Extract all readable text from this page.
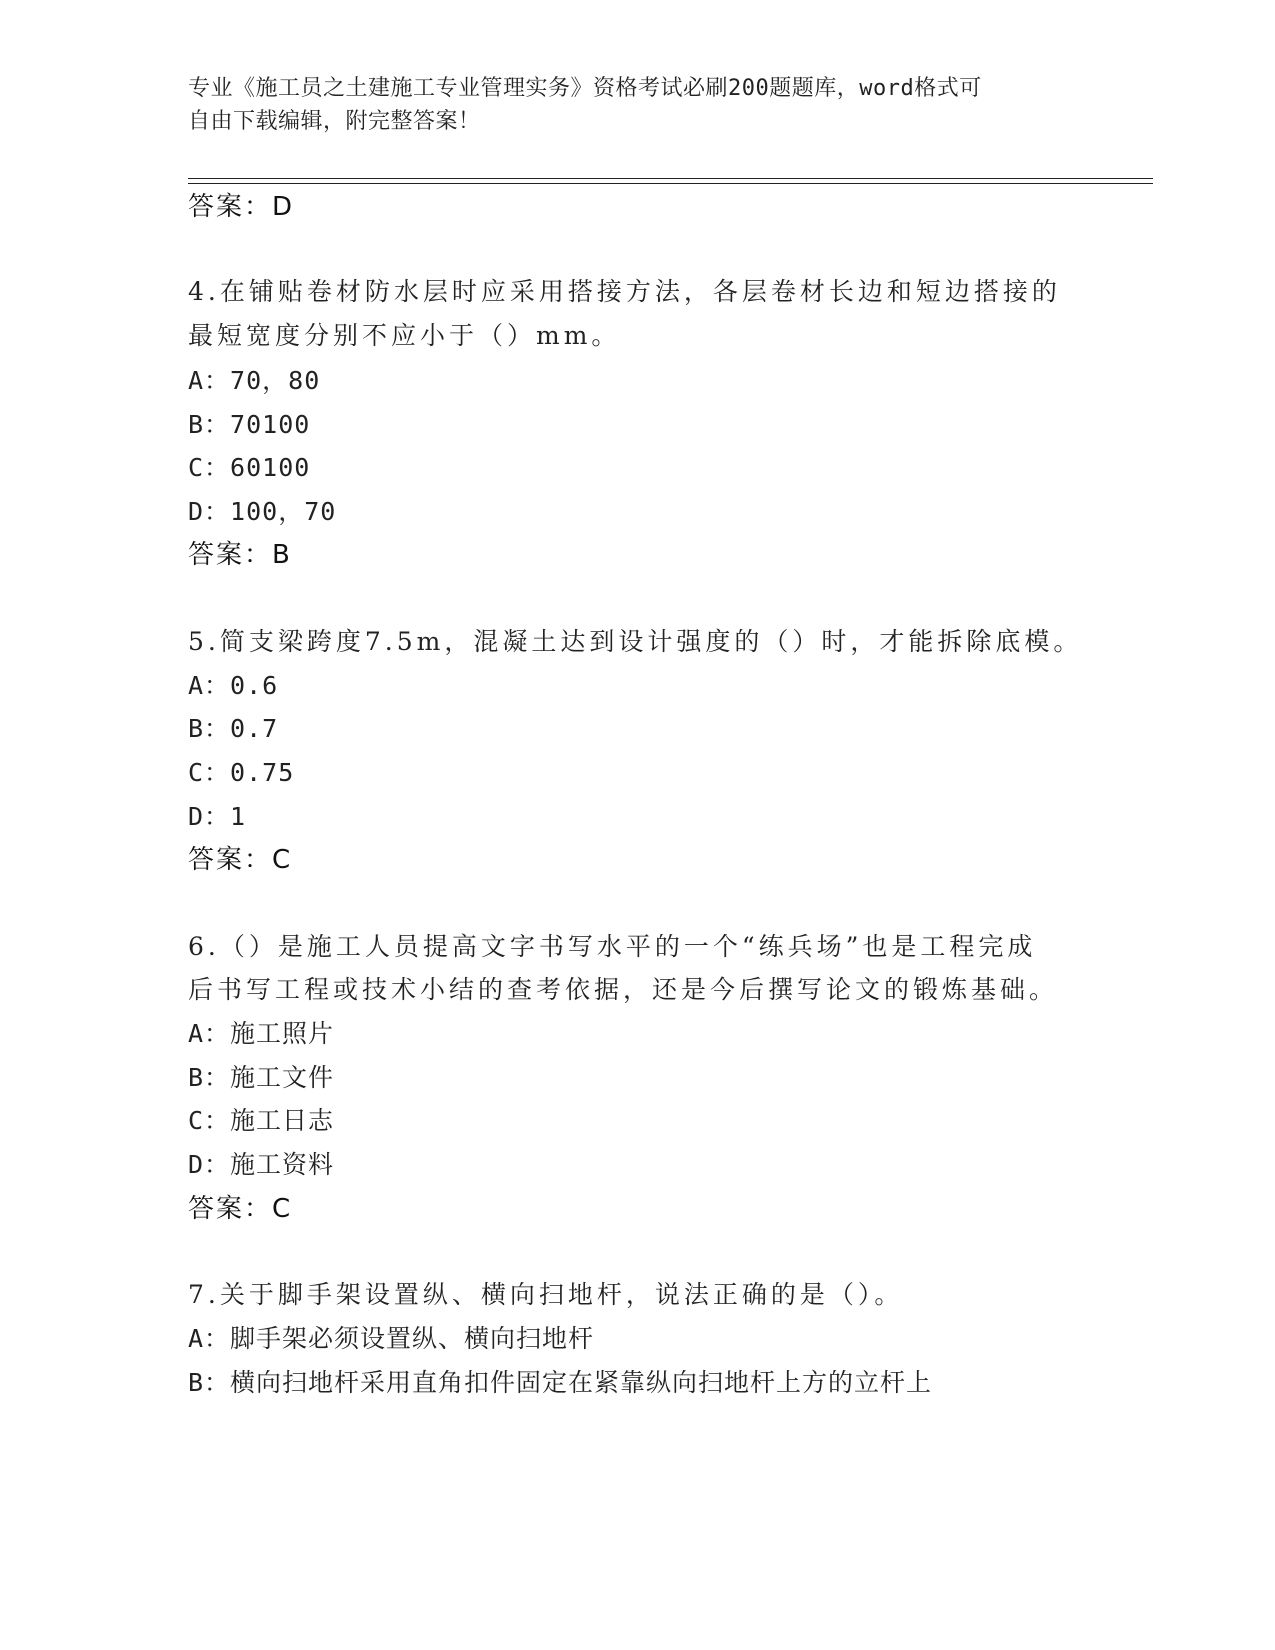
专业《施工员之土建施工专业管理实务》资格考试必刷200题题库，word格式可
自由下载编辑，附完整答案！
答案：D
4.在铺贴卷材防水层时应采用搭接方法，各层卷材长边和短边搭接的
最短宽度分别不应小于（）mm。
A：70，80
B：70100
C：60100
D：100，70
答案：B
5.简支梁跨度7.5m，混凝土达到设计强度的（）时，才能拆除底模。
A：0.6
B：0.7
C：0.75
D：1
答案：C
6.（）是施工人员提高文字书写水平的一个“练兵场”也是工程完成
后书写工程或技术小结的查考依据，还是今后撰写论文的锻炼基础。
A：施工照片
B：施工文件
C：施工日志
D：施工资料
答案：C
7.关于脚手架设置纵、横向扫地杆，说法正确的是（）。
A：脚手架必须设置纵、横向扫地杆
B：横向扫地杆采用直角扣件固定在紧靠纵向扫地杆上方的立杆上
